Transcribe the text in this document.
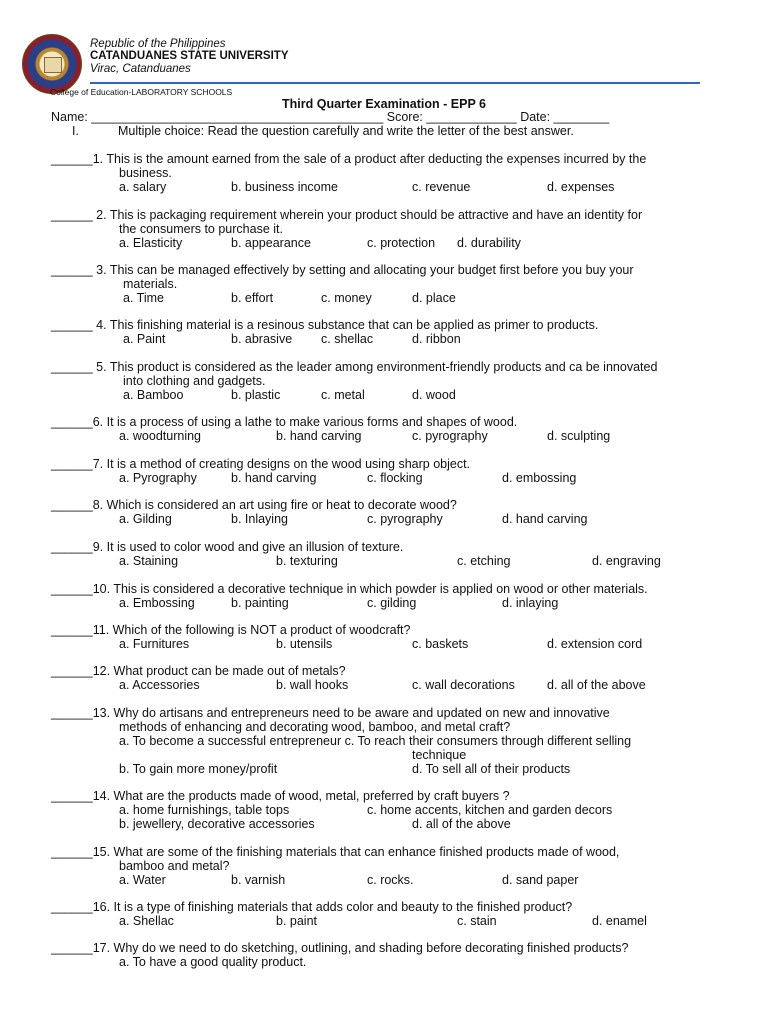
Republic of the Philippines
CATANDUANES STATE UNIVERSITY
Virac, Catanduanes
College of Education-LABORATORY SCHOOLS
Third Quarter Examination - EPP 6
Name: __________________________________________ Score: _____________ Date: ________
I.	Multiple choice: Read the question carefully and write the letter of the best answer.
______1. This is the amount earned from the sale of a product after deducting the expenses incurred by the
business.
a. salary	b. business income	c. revenue	d. expenses
______ 2. This is packaging requirement wherein your product should be attractive and have an identity for
the consumers to purchase it.
a. Elasticity	b. appearance	c. protection d. durability
______ 3. This can be managed effectively by setting and allocating your budget first before you buy your
materials.
a. Time	b. effort	c. money	d. place
______ 4. This finishing material is a resinous substance that can be applied as primer to products.
a. Paint	b. abrasive c. shellac	d. ribbon
______ 5. This product is considered as the leader among environment-friendly products and ca be innovated
into clothing and gadgets.
a. Bamboo	b. plastic	c. metal	d. wood
______6. It is a process of using a lathe to make various forms and shapes of wood.
a. woodturning	b. hand carving	c. pyrography	d. sculpting
______7. It is a method of creating designs on the wood using sharp object.
a. Pyrography	b. hand carving	c. flocking	d. embossing
______8. Which is considered an art using fire or heat to decorate wood?
a. Gilding	b. Inlaying	c. pyrography	d. hand carving
______9. It is used to color wood and give an illusion of texture.
a. Staining	b. texturing	c. etching	d. engraving
______10. This is considered a decorative technique in which powder is applied on wood or other materials.
a. Embossing	b. painting	c. gilding	d. inlaying
______11. Which of the following is NOT a product of woodcraft?
a. Furnitures	b. utensils	c. baskets	d. extension cord
______12. What product can be made out of metals?
a. Accessories	b. wall hooks	c. wall decorations	d. all of the above
______13. Why do artisans and entrepreneurs need to be aware and updated on new and innovative
methods of enhancing and decorating wood, bamboo, and metal craft?
a. To become a successful entrepreneur c. To reach their consumers through different selling
technique
b. To gain more money/profit	d. To sell all of their products
______14. What are the products made of wood, metal, preferred by craft buyers ?
a. home furnishings, table tops	c. home accents, kitchen and garden decors
b. jewellery, decorative accessories	d. all of the above
______15. What are some of the finishing materials that can enhance finished products made of wood,
bamboo and metal?
a. Water	b. varnish	c. rocks.	d. sand paper
______16. It is a type of finishing materials that adds color and beauty to the finished product?
a. Shellac	b. paint	c. stain	d. enamel
______17. Why do we need to do sketching, outlining, and shading before decorating finished products?
a. To have a good quality product.
